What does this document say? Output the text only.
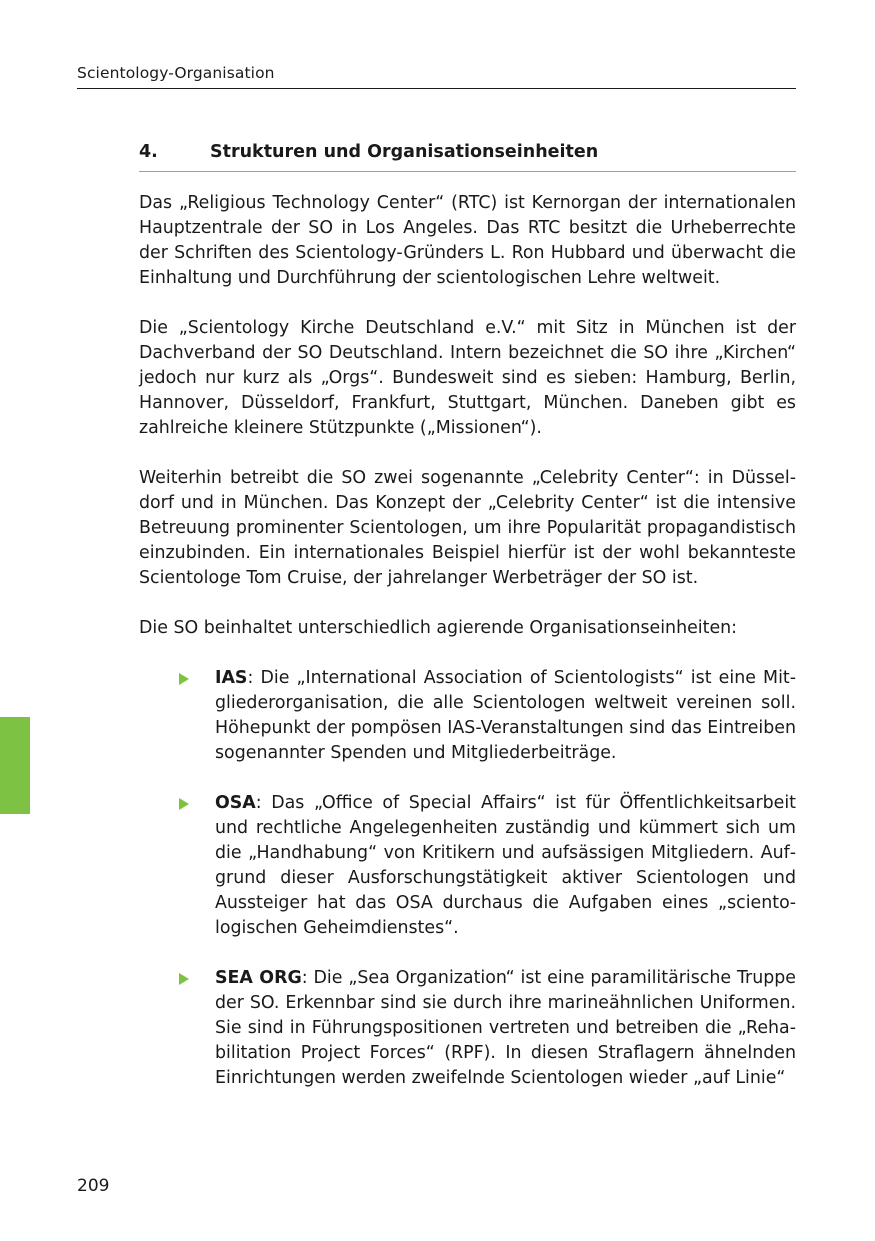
Scientology-Organisation
4.	Strukturen und Organisationseinheiten

Das „Religious Technology Center“ (RTC) ist Kernorgan der internationalen Hauptzentrale der SO in Los Angeles. Das RTC besitzt die Urheberrechte der Schriften des Scientology-Gründers L. Ron Hubbard und überwacht die Einhaltung und Durchführung der scientologischen Lehre weltweit.

Die „Scientology Kirche Deutschland e.V.“ mit Sitz in München ist der Dachverband der SO Deutschland. Intern bezeichnet die SO ihre „Kirchen“ jedoch nur kurz als „Orgs“. Bundesweit sind es sieben: Hamburg, Berlin, Hannover, Düsseldorf, Frankfurt, Stuttgart, München. Daneben gibt es zahlreiche kleinere Stützpunkte („Missionen“).

Weiterhin betreibt die SO zwei sogenannte „Celebrity Center“: in Düsseldorf und in München. Das Konzept der „Celebrity Center“ ist die intensive Betreuung prominenter Scientologen, um ihre Popularität propagandistisch einzubinden. Ein internationales Beispiel hierfür ist der wohl bekannteste Scientologe Tom Cruise, der jahrelanger Werbeträger der SO ist.

Die SO beinhaltet unterschiedlich agierende Organisationseinheiten:

IAS: Die „International Association of Scientologists“ ist eine Mitgliederorganisation, die alle Scientologen weltweit vereinen soll. Höhepunkt der pompösen IAS-Veranstaltungen sind das Eintreiben sogenannter Spenden und Mitgliederbeiträge.

OSA: Das „Office of Special Affairs“ ist für Öffentlichkeitsarbeit und rechtliche Angelegenheiten zuständig und kümmert sich um die „Handhabung“ von Kritikern und aufsässigen Mitgliedern. Aufgrund dieser Ausforschungstätigkeit aktiver Scientologen und Aussteiger hat das OSA durchaus die Aufgaben eines „scientologischen Geheimdienstes“.

SEA ORG: Die „Sea Organization“ ist eine paramilitärische Truppe der SO. Erkennbar sind sie durch ihre marineähnlichen Uniformen. Sie sind in Führungspositionen vertreten und betreiben die „Rehabilitation Project Forces“ (RPF). In diesen Straflagern ähnelnden Einrichtungen werden zweifelnde Scientologen wieder „auf Linie“

209
